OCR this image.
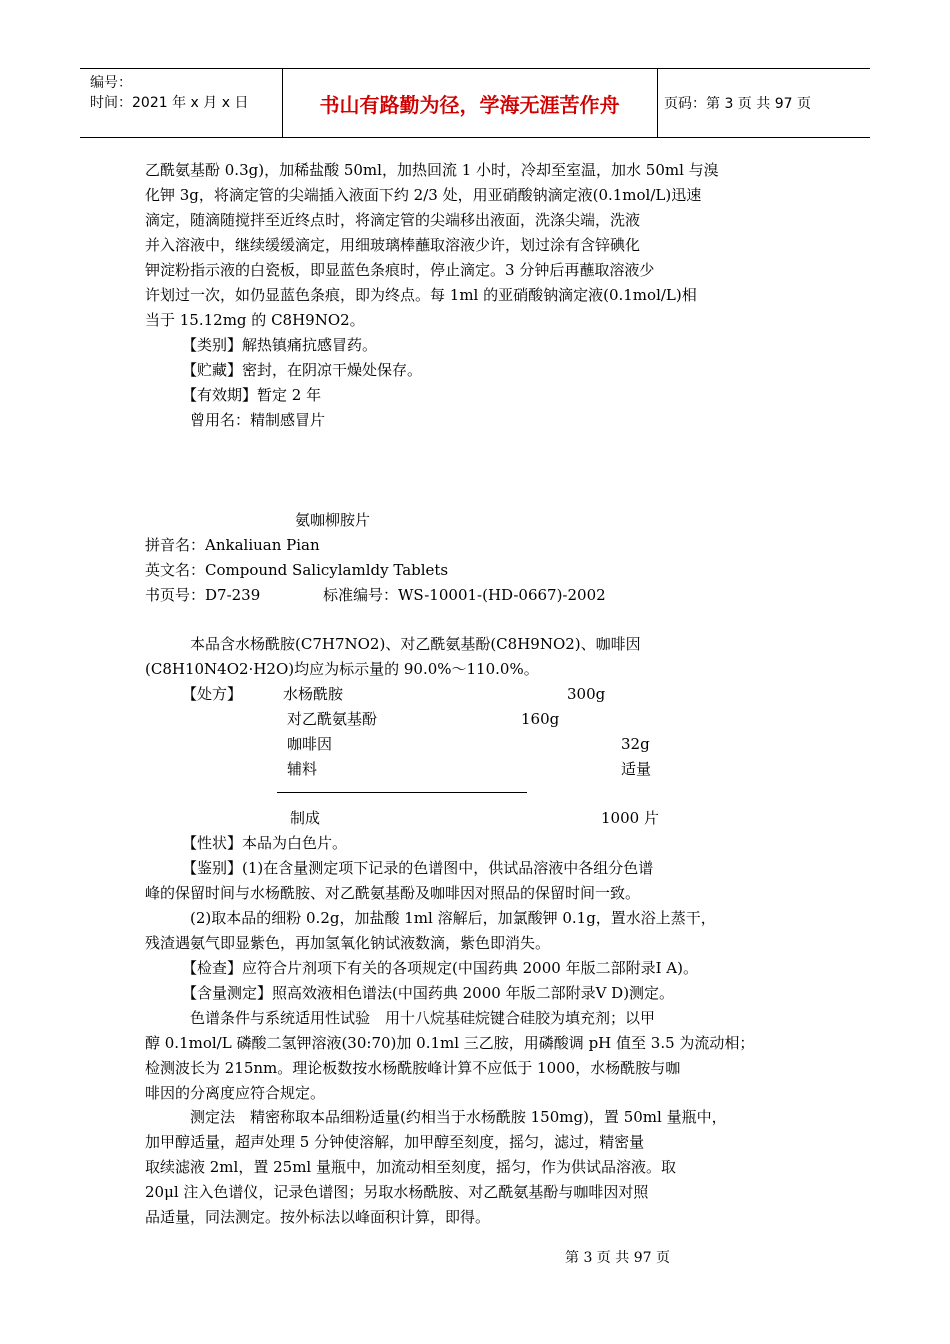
编号：
时间：2021 年 x 月 x 日	书山有路勤为径，学海无涯苦作舟	页码：第 3 页 共 97 页
乙酰氨基酚 0.3g)，加稀盐酸 50ml，加热回流 1 小时，冷却至室温，加水 50ml 与溴
化钾 3g，将滴定管的尖端插入液面下约 2/3 处，用亚硝酸钠滴定液(0.1mol/L)迅速
滴定，随滴随搅拌至近终点时，将滴定管的尖端移出液面，洗涤尖端，洗液
并入溶液中，继续缓缓滴定，用细玻璃棒蘸取溶液少许，划过涂有含锌碘化
钾淀粉指示液的白瓷板，即显蓝色条痕时，停止滴定。3 分钟后再蘸取溶液少
许划过一次，如仍显蓝色条痕，即为终点。每 1ml 的亚硝酸钠滴定液(0.1mol/L)相
当于 15.12mg 的 C8H9NO2。
【类别】解热镇痛抗感冒药。
【贮藏】密封，在阴凉干燥处保存。
【有效期】暂定 2 年
曾用名：精制感冒片
氨咖柳胺片
拼音名：Ankaliuan Pian
英文名：Compound Salicylamldy Tablets
书页号：D7-239	标准编号：WS-10001-(HD-0667)-2002
本品含水杨酰胺(C7H7NO2)、对乙酰氨基酚(C8H9NO2)、咖啡因
(C8H10N4O2·H2O)均应为标示量的 90.0%～110.0%。
【处方】	水杨酰胺	300g
对乙酰氨基酚	160g
咖啡因	32g
辅料	适量
制成	1000 片
【性状】本品为白色片。
【鉴别】(1)在含量测定项下记录的色谱图中，供试品溶液中各组分色谱
峰的保留时间与水杨酰胺、对乙酰氨基酚及咖啡因对照品的保留时间一致。
(2)取本品的细粉 0.2g，加盐酸 1ml 溶解后，加氯酸钾 0.1g，置水浴上蒸干，
残渣遇氨气即显紫色，再加氢氧化钠试液数滴，紫色即消失。
【检查】应符合片剂项下有关的各项规定(中国药典 2000 年版二部附录Ⅰ A)。
【含量测定】照高效液相色谱法(中国药典 2000 年版二部附录Ⅴ D)测定。
色谱条件与系统适用性试验　用十八烷基硅烷键合硅胶为填充剂；以甲
醇 0.1mol/L 磷酸二氢钾溶液(30:70)加 0.1ml 三乙胺，用磷酸调 pH 值至 3.5 为流动相；
检测波长为 215nm。理论板数按水杨酰胺峰计算不应低于 1000，水杨酰胺与咖
啡因的分离度应符合规定。
测定法　精密称取本品细粉适量(约相当于水杨酰胺 150mg)，置 50ml 量瓶中，
加甲醇适量，超声处理 5 分钟使溶解，加甲醇至刻度，摇匀，滤过，精密量
取续滤液 2ml，置 25ml 量瓶中，加流动相至刻度，摇匀，作为供试品溶液。取
20μl 注入色谱仪，记录色谱图；另取水杨酰胺、对乙酰氨基酚与咖啡因对照
品适量，同法测定。按外标法以峰面积计算，即得。
第 3 页 共 97 页
